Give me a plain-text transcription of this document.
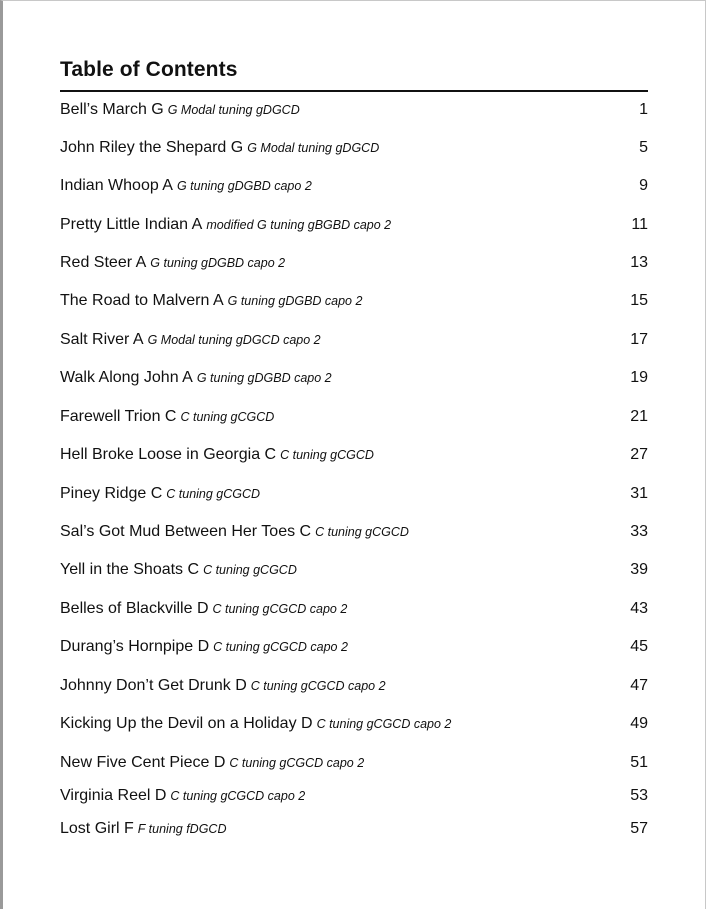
Table of Contents
Bell’s March G G Modal tuning gDGCD	1
John Riley the Shepard G G Modal tuning gDGCD	5
Indian Whoop A G tuning gDGBD capo 2	9
Pretty Little Indian A modified G tuning gBGBD capo 2	11
Red Steer A G tuning gDGBD capo 2	13
The Road to Malvern A G tuning gDGBD capo 2	15
Salt River A G Modal tuning gDGCD capo 2	17
Walk Along John A G tuning gDGBD capo 2	19
Farewell Trion C C tuning gCGCD	21
Hell Broke Loose in Georgia C C tuning gCGCD	27
Piney Ridge C C tuning gCGCD	31
Sal’s Got Mud Between Her Toes C C tuning gCGCD	33
Yell in the Shoats C C tuning gCGCD	39
Belles of Blackville D C tuning gCGCD capo 2	43
Durang’s Hornpipe D C tuning gCGCD capo 2	45
Johnny Don’t Get Drunk D C tuning gCGCD capo 2	47
Kicking Up the Devil on a Holiday D C tuning gCGCD capo 2	49
New Five Cent Piece D C tuning gCGCD capo 2	51
Virginia Reel D C tuning gCGCD capo 2	53
Lost Girl F F tuning fDGCD	57
